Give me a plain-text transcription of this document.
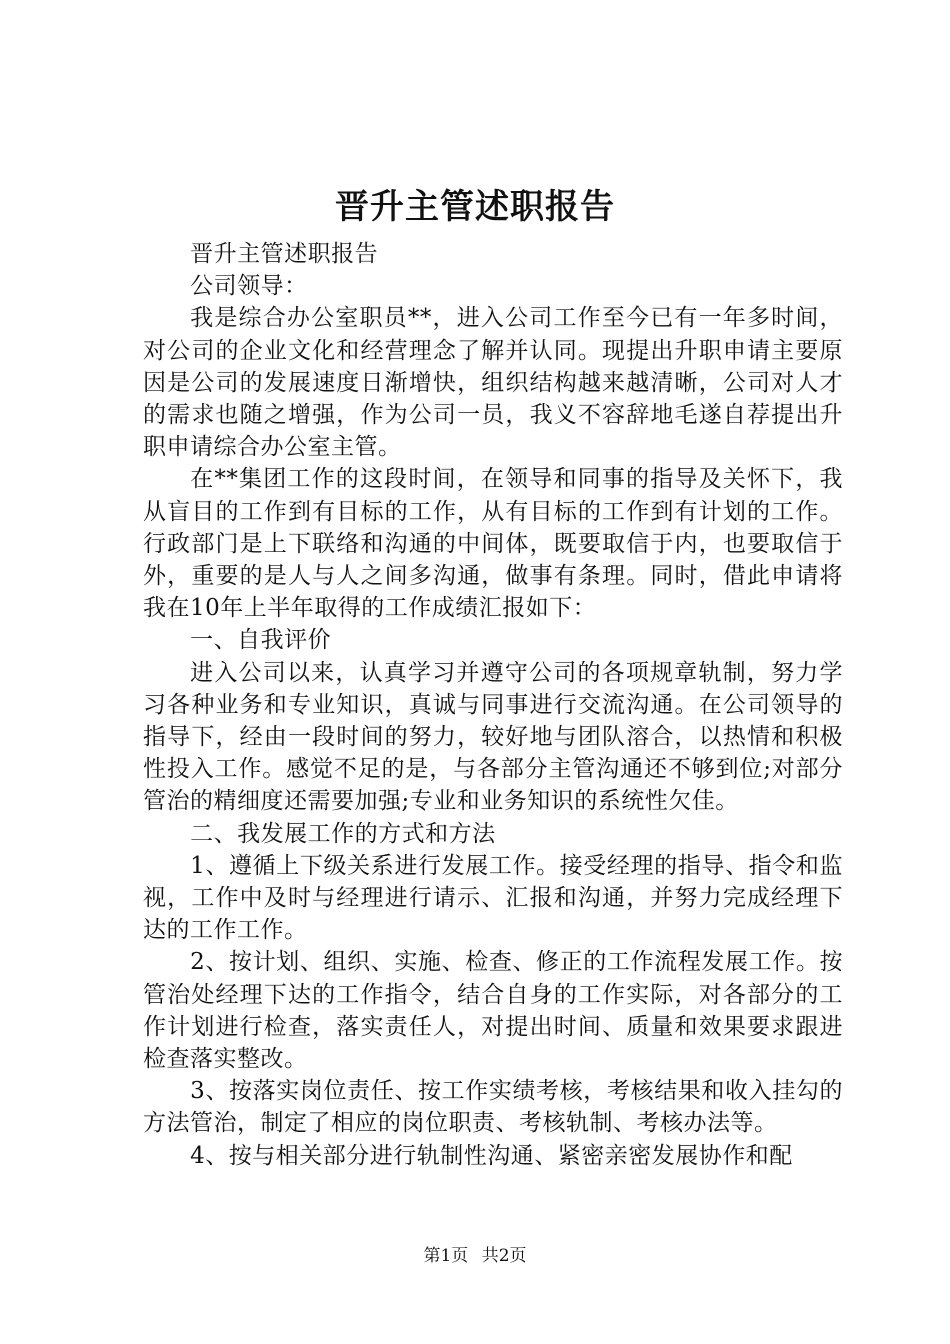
晋升主管述职报告

晋升主管述职报告

公司领导：

我是综合办公室职员**，进入公司工作至今已有一年多时间，对公司的企业文化和经营理念了解并认同。现提出升职申请主要原因是公司的发展速度日渐增快，组织结构越来越清晰，公司对人才的需求也随之增强，作为公司一员，我义不容辞地毛遂自荐提出升职申请综合办公室主管。

在**集团工作的这段时间，在领导和同事的指导及关怀下，我从盲目的工作到有目标的工作，从有目标的工作到有计划的工作。行政部门是上下联络和沟通的中间体，既要取信于内，也要取信于外，重要的是人与人之间多沟通，做事有条理。同时，借此申请将我在10年上半年取得的工作成绩汇报如下：

一、自我评价

进入公司以来，认真学习并遵守公司的各项规章轨制，努力学习各种业务和专业知识，真诚与同事进行交流沟通。在公司领导的指导下，经由一段时间的努力，较好地与团队溶合，以热情和积极性投入工作。感觉不足的是，与各部分主管沟通还不够到位;对部分管治的精细度还需要加强;专业和业务知识的系统性欠佳。

二、我发展工作的方式和方法

1、遵循上下级关系进行发展工作。接受经理的指导、指令和监视，工作中及时与经理进行请示、汇报和沟通，并努力完成经理下达的工作工作。

2、按计划、组织、实施、检查、修正的工作流程发展工作。按管治处经理下达的工作指令，结合自身的工作实际，对各部分的工作计划进行检查，落实责任人，对提出时间、质量和效果要求跟进检查落实整改。

3、按落实岗位责任、按工作实绩考核，考核结果和收入挂勾的方法管治，制定了相应的岗位职责、考核轨制、考核办法等。

4、按与相关部分进行轨制性沟通、紧密亲密发展协作和配

第1页 共2页
